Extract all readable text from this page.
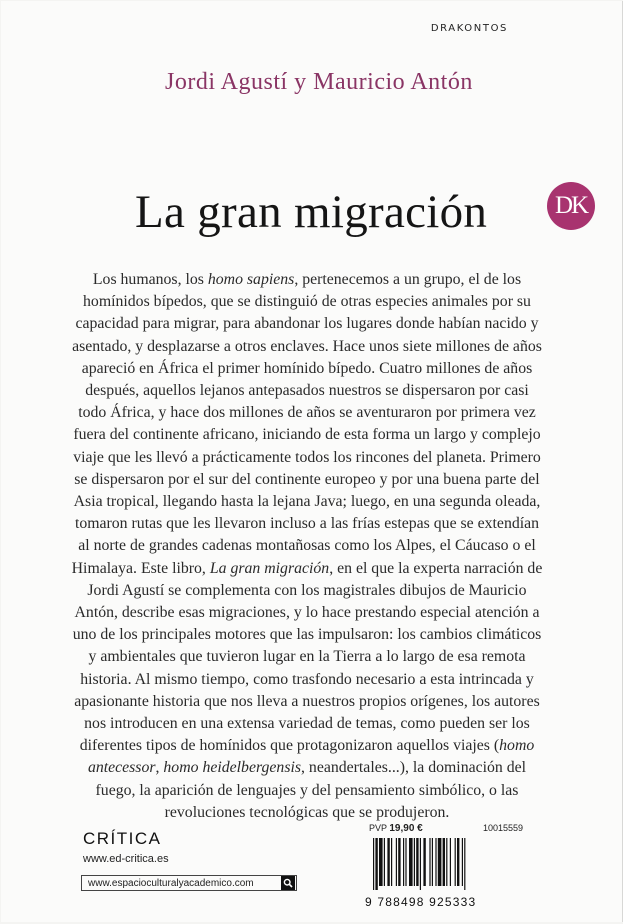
DRAKONTOS
Jordi Agustí y Mauricio Antón
La gran migración	DK

Los humanos, los homo sapiens, pertenecemos a un grupo, el de los homínidos bípedos, que se distinguió de otras especies animales por su capacidad para migrar, para abandonar los lugares donde habían nacido y asentado, y desplazarse a otros enclaves. Hace unos siete millones de años apareció en África el primer homínido bípedo. Cuatro millones de años después, aquellos lejanos antepasados nuestros se dispersaron por casi todo África, y hace dos millones de años se aventuraron por primera vez fuera del continente africano, iniciando de esta forma un largo y complejo viaje que les llevó a prácticamente todos los rincones del planeta. Primero se dispersaron por el sur del continente europeo y por una buena parte del Asia tropical, llegando hasta la lejana Java; luego, en una segunda oleada, tomaron rutas que les llevaron incluso a las frías estepas que se extendían al norte de grandes cadenas montañosas como los Alpes, el Cáucaso o el Himalaya. Este libro, La gran migración, en el que la experta narración de Jordi Agustí se complementa con los magistrales dibujos de Mauricio Antón, describe esas migraciones, y lo hace prestando especial atención a uno de los principales motores que las impulsaron: los cambios climáticos y ambientales que tuvieron lugar en la Tierra a lo largo de esa remota historia. Al mismo tiempo, como trasfondo necesario a esta intrincada y apasionante historia que nos lleva a nuestros propios orígenes, los autores nos introducen en una extensa variedad de temas, como pueden ser los diferentes tipos de homínidos que protagonizaron aquellos viajes (homo antecessor, homo heidelbergensis, neandertales...), la dominación del fuego, la aparición de lenguajes y del pensamiento simbólico, o las revoluciones tecnológicas que se produjeron.

CRÍTICA
www.ed-critica.es
www.espacioculturalyacademico.com
PVP 19,90 €	10015559
9 788498 925333
